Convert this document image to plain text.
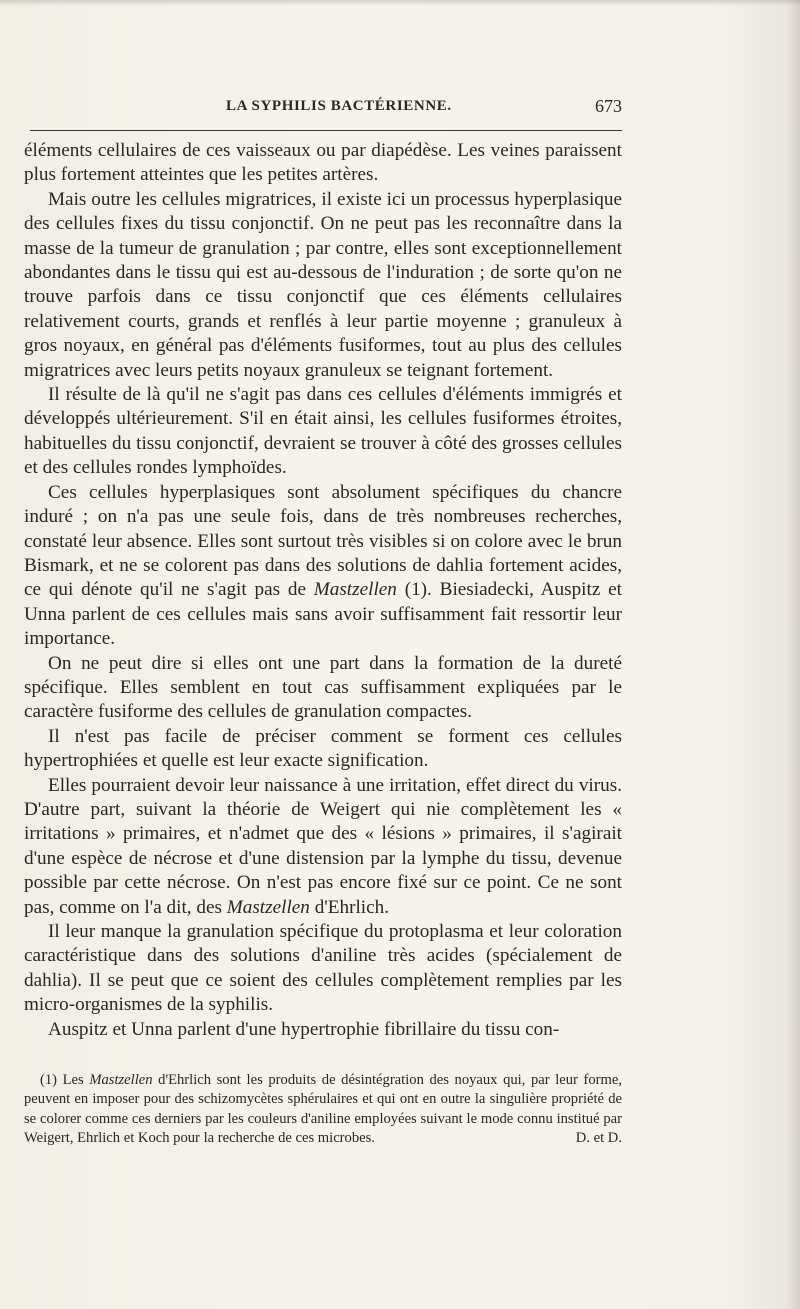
LA SYPHILIS BACTÉRIENNE.	673

éléments cellulaires de ces vaisseaux ou par diapédèse. Les veines paraissent plus fortement atteintes que les petites artères.

Mais outre les cellules migratrices, il existe ici un processus hyperplasique des cellules fixes du tissu conjonctif. On ne peut pas les reconnaître dans la masse de la tumeur de granulation ; par contre, elles sont exceptionnellement abondantes dans le tissu qui est au-dessous de l'induration ; de sorte qu'on ne trouve parfois dans ce tissu conjonctif que ces éléments cellulaires relativement courts, grands et renflés à leur partie moyenne ; granuleux à gros noyaux, en général pas d'éléments fusiformes, tout au plus des cellules migratrices avec leurs petits noyaux granuleux se teignant fortement.

Il résulte de là qu'il ne s'agit pas dans ces cellules d'éléments immigrés et développés ultérieurement. S'il en était ainsi, les cellules fusiformes étroites, habituelles du tissu conjonctif, devraient se trouver à côté des grosses cellules et des cellules rondes lymphoïdes.

Ces cellules hyperplasiques sont absolument spécifiques du chancre induré ; on n'a pas une seule fois, dans de très nombreuses recherches, constaté leur absence. Elles sont surtout très visibles si on colore avec le brun Bismark, et ne se colorent pas dans des solutions de dahlia fortement acides, ce qui dénote qu'il ne s'agit pas de Mastzellen (1). Biesiadecki, Auspitz et Unna parlent de ces cellules mais sans avoir suffisamment fait ressortir leur importance.

On ne peut dire si elles ont une part dans la formation de la dureté spécifique. Elles semblent en tout cas suffisamment expliquées par le caractère fusiforme des cellules de granulation compactes.

Il n'est pas facile de préciser comment se forment ces cellules hypertrophiées et quelle est leur exacte signification.

Elles pourraient devoir leur naissance à une irritation, effet direct du virus. D'autre part, suivant la théorie de Weigert qui nie complètement les « irritations » primaires, et n'admet que des « lésions » primaires, il s'agirait d'une espèce de nécrose et d'une distension par la lymphe du tissu, devenue possible par cette nécrose. On n'est pas encore fixé sur ce point. Ce ne sont pas, comme on l'a dit, des Mastzellen d'Ehrlich.

Il leur manque la granulation spécifique du protoplasma et leur coloration caractéristique dans des solutions d'aniline très acides (spécialement de dahlia). Il se peut que ce soient des cellules complètement remplies par les micro-organismes de la syphilis.

Auspitz et Unna parlent d'une hypertrophie fibrillaire du tissu con-

(1) Les Mastzellen d'Ehrlich sont les produits de désintégration des noyaux qui, par leur forme, peuvent en imposer pour des schizomycètes sphérulaires et qui ont en outre la singulière propriété de se colorer comme ces derniers par les couleurs d'aniline employées suivant le mode connu institué par Weigert, Ehrlich et Koch pour la recherche de ces microbes.	D. et D.
